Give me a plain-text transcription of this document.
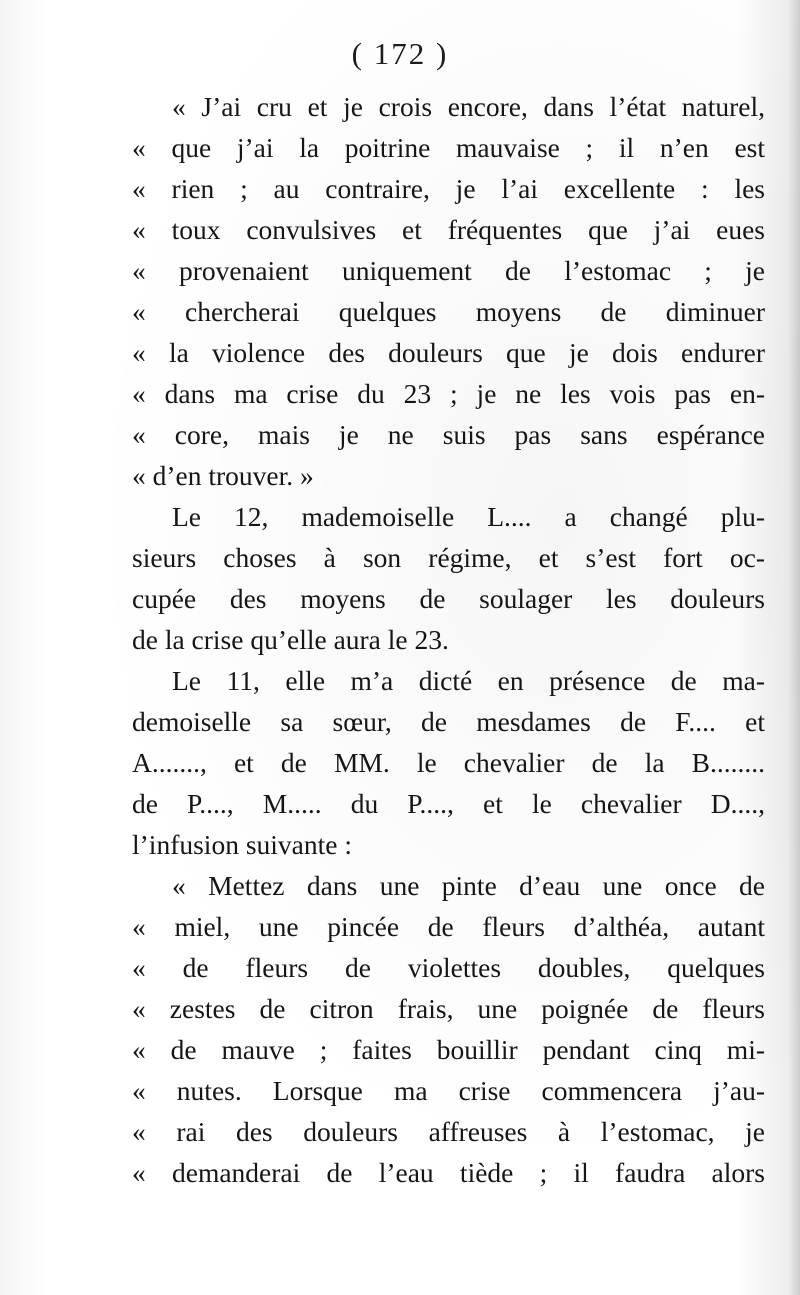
( 172 )
« J’ai cru et je crois encore, dans l’état naturel,
« que j’ai la poitrine mauvaise ; il n’en est
« rien ; au contraire, je l’ai excellente : les
« toux convulsives et fréquentes que j’ai eues
« provenaient uniquement de l’estomac ; je
« chercherai quelques moyens de diminuer
« la violence des douleurs que je dois endurer
« dans ma crise du 23 ; je ne les vois pas en-
« core, mais je ne suis pas sans espérance
« d’en trouver. »
Le 12, mademoiselle L.... a changé plu-
sieurs choses à son régime, et s’est fort oc-
cupée des moyens de soulager les douleurs
de la crise qu’elle aura le 23.
Le 11, elle m’a dicté en présence de ma-
demoiselle sa sœur, de mesdames de F.... et
A......., et de MM. le chevalier de la B........
de P...., M..... du P...., et le chevalier D....,
l’infusion suivante :
« Mettez dans une pinte d’eau une once de
« miel, une pincée de fleurs d’althéa, autant
« de fleurs de violettes doubles, quelques
« zestes de citron frais, une poignée de fleurs
« de mauve ; faites bouillir pendant cinq mi-
« nutes. Lorsque ma crise commencera j’au-
« rai des douleurs affreuses à l’estomac, je
« demanderai de l’eau tiède ; il faudra alors
